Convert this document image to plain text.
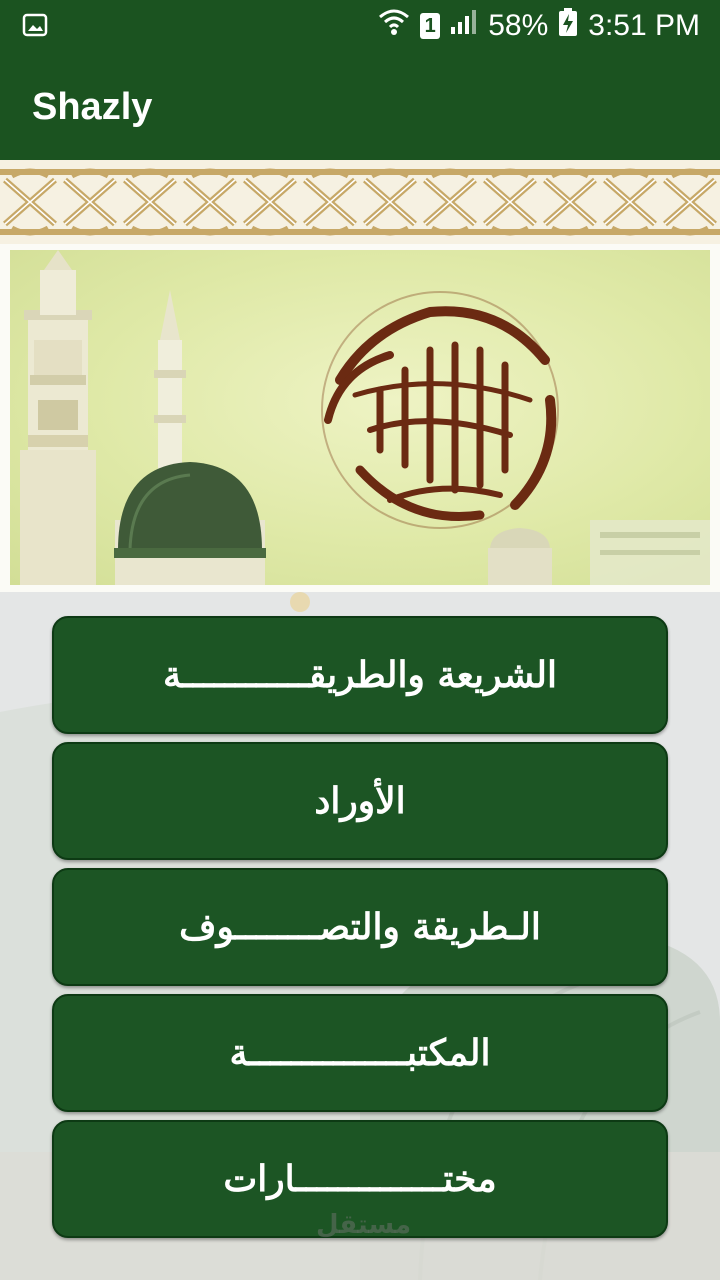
1 58% 3:51 PM
Shazly
الشريعة والطريقــــــــــــة
الأوراد
الـطريقة والتصــــــــوف
المكتبـــــــــــــــة
مختــــــــــــــارات
مستقل
